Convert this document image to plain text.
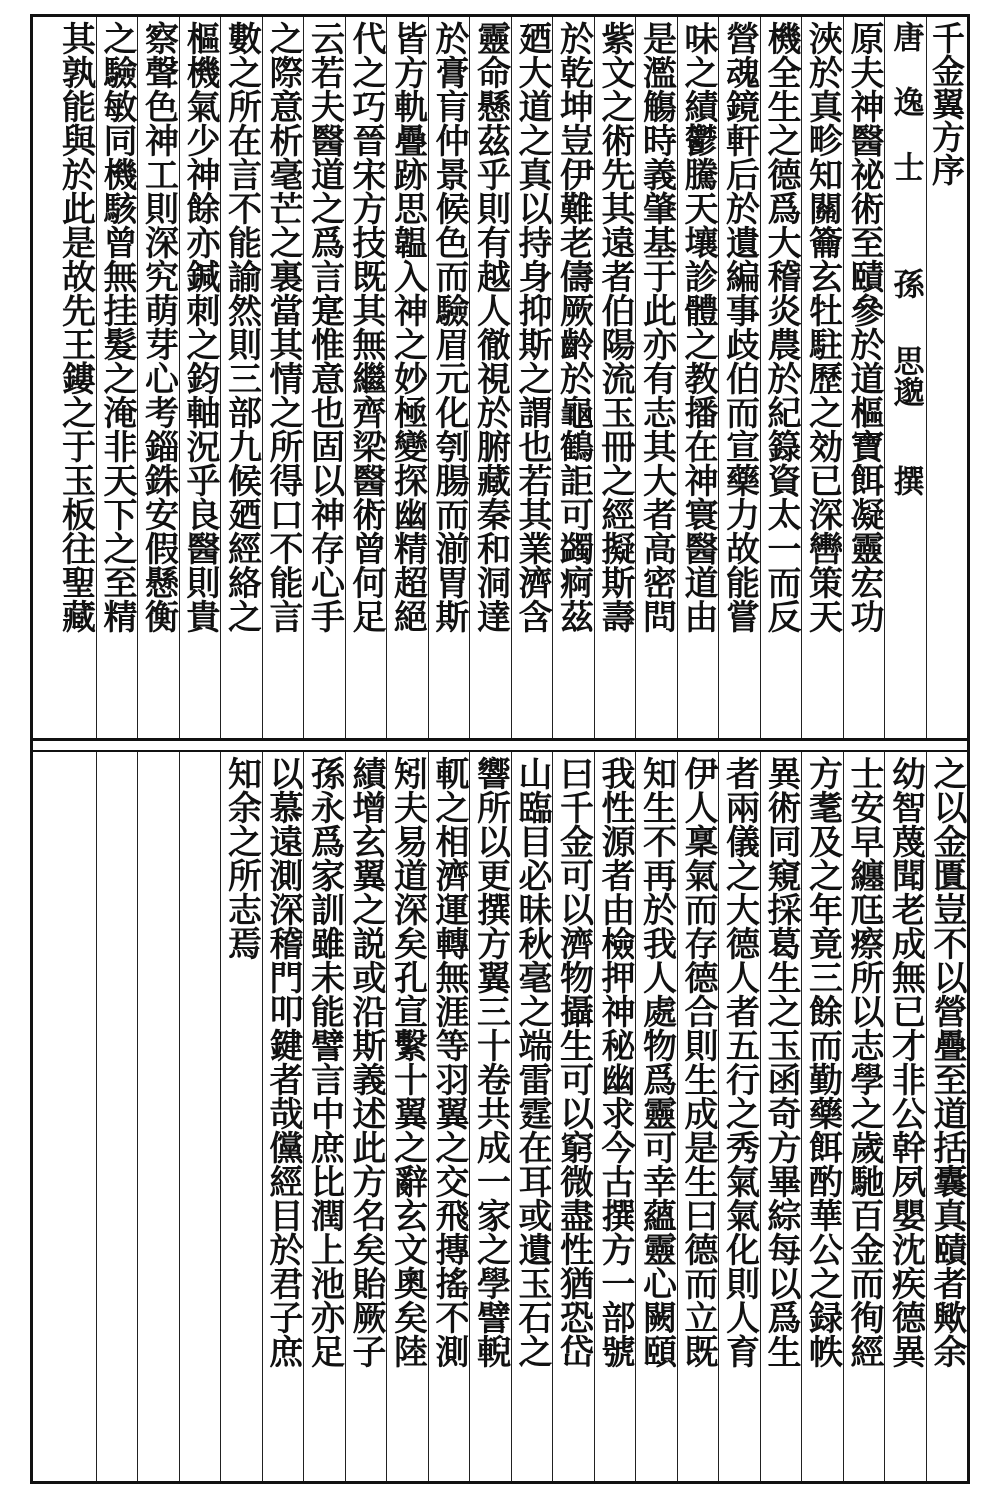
千金翼方序
唐逸士孫思邈撰
原夫神醫祕術至賾參於道樞寶餌凝靈宏功
浹於真畛知關籥玄牡駐歷之効已深轡策天
機全生之德爲大稽炎農於紀籙資太一而反
營魂鏡軒后於遺編事歧伯而宣藥力故能嘗
味之績鬱騰天壤診體之教播在神寰醫道由
是濫觴時義肇基于此亦有志其大者高密問
紫文之術先其遠者伯陽流玉冊之經擬斯壽
於乾坤豈伊難老儔厥齡於龜鶴詎可蠲痾茲
廼大道之真以持身抑斯之謂也若其業濟含
靈命懸茲乎則有越人徹視於腑藏秦和洞達
於膏肓仲景候色而驗眉元化刳腸而湔胃斯
皆方軌疊跡思韞入神之妙極變探幽精超絕
代之巧晉宋方技既其無繼齊梁醫術曾何足
云若夫醫道之爲言寔惟意也固以神存心手
之際意析毫芒之裏當其情之所得口不能言
數之所在言不能諭然則三部九候廼經絡之
樞機氣少神餘亦鍼刺之鈞軸況乎良醫則貴
察聲色神工則深究萌芽心考錙銖安假懸衡
之驗敏同機駭曾無挂髮之淹非天下之至精
其孰能與於此是故先王鏤之于玉板往聖藏
之以金匱豈不以營疊至道括囊真賾者歟余
幼智蔑聞老成無已才非公幹夙嬰沈疾德異
士安早纏尫瘵所以志學之歲馳百金而徇經
方耄及之年竟三餘而勤藥餌酌華公之録帙
異術同窺採葛生之玉函奇方畢綜每以爲生
者兩儀之大德人者五行之秀氣氣化則人育
伊人稟氣而存德合則生成是生曰德而立既
知生不再於我人處物爲靈可幸蘊靈心闕頤
我性源者由檢押神秘幽求今古撰方一部號
曰千金可以濟物攝生可以窮微盡性猶恐岱
山臨目必昧秋毫之端雷霆在耳或遺玉石之
響所以更撰方翼三十卷共成一家之學譬輗
軏之相濟運轉無涯等羽翼之交飛摶搖不測
矧夫易道深矣孔宣繫十翼之辭玄文奧矣陸
績增玄翼之説或沿斯義述此方名矣貽厥子
孫永爲家訓雖未能譬言中庶比潤上池亦足
以慕遠測深稽門叩鍵者哉儻經目於君子庶
知余之所志焉
